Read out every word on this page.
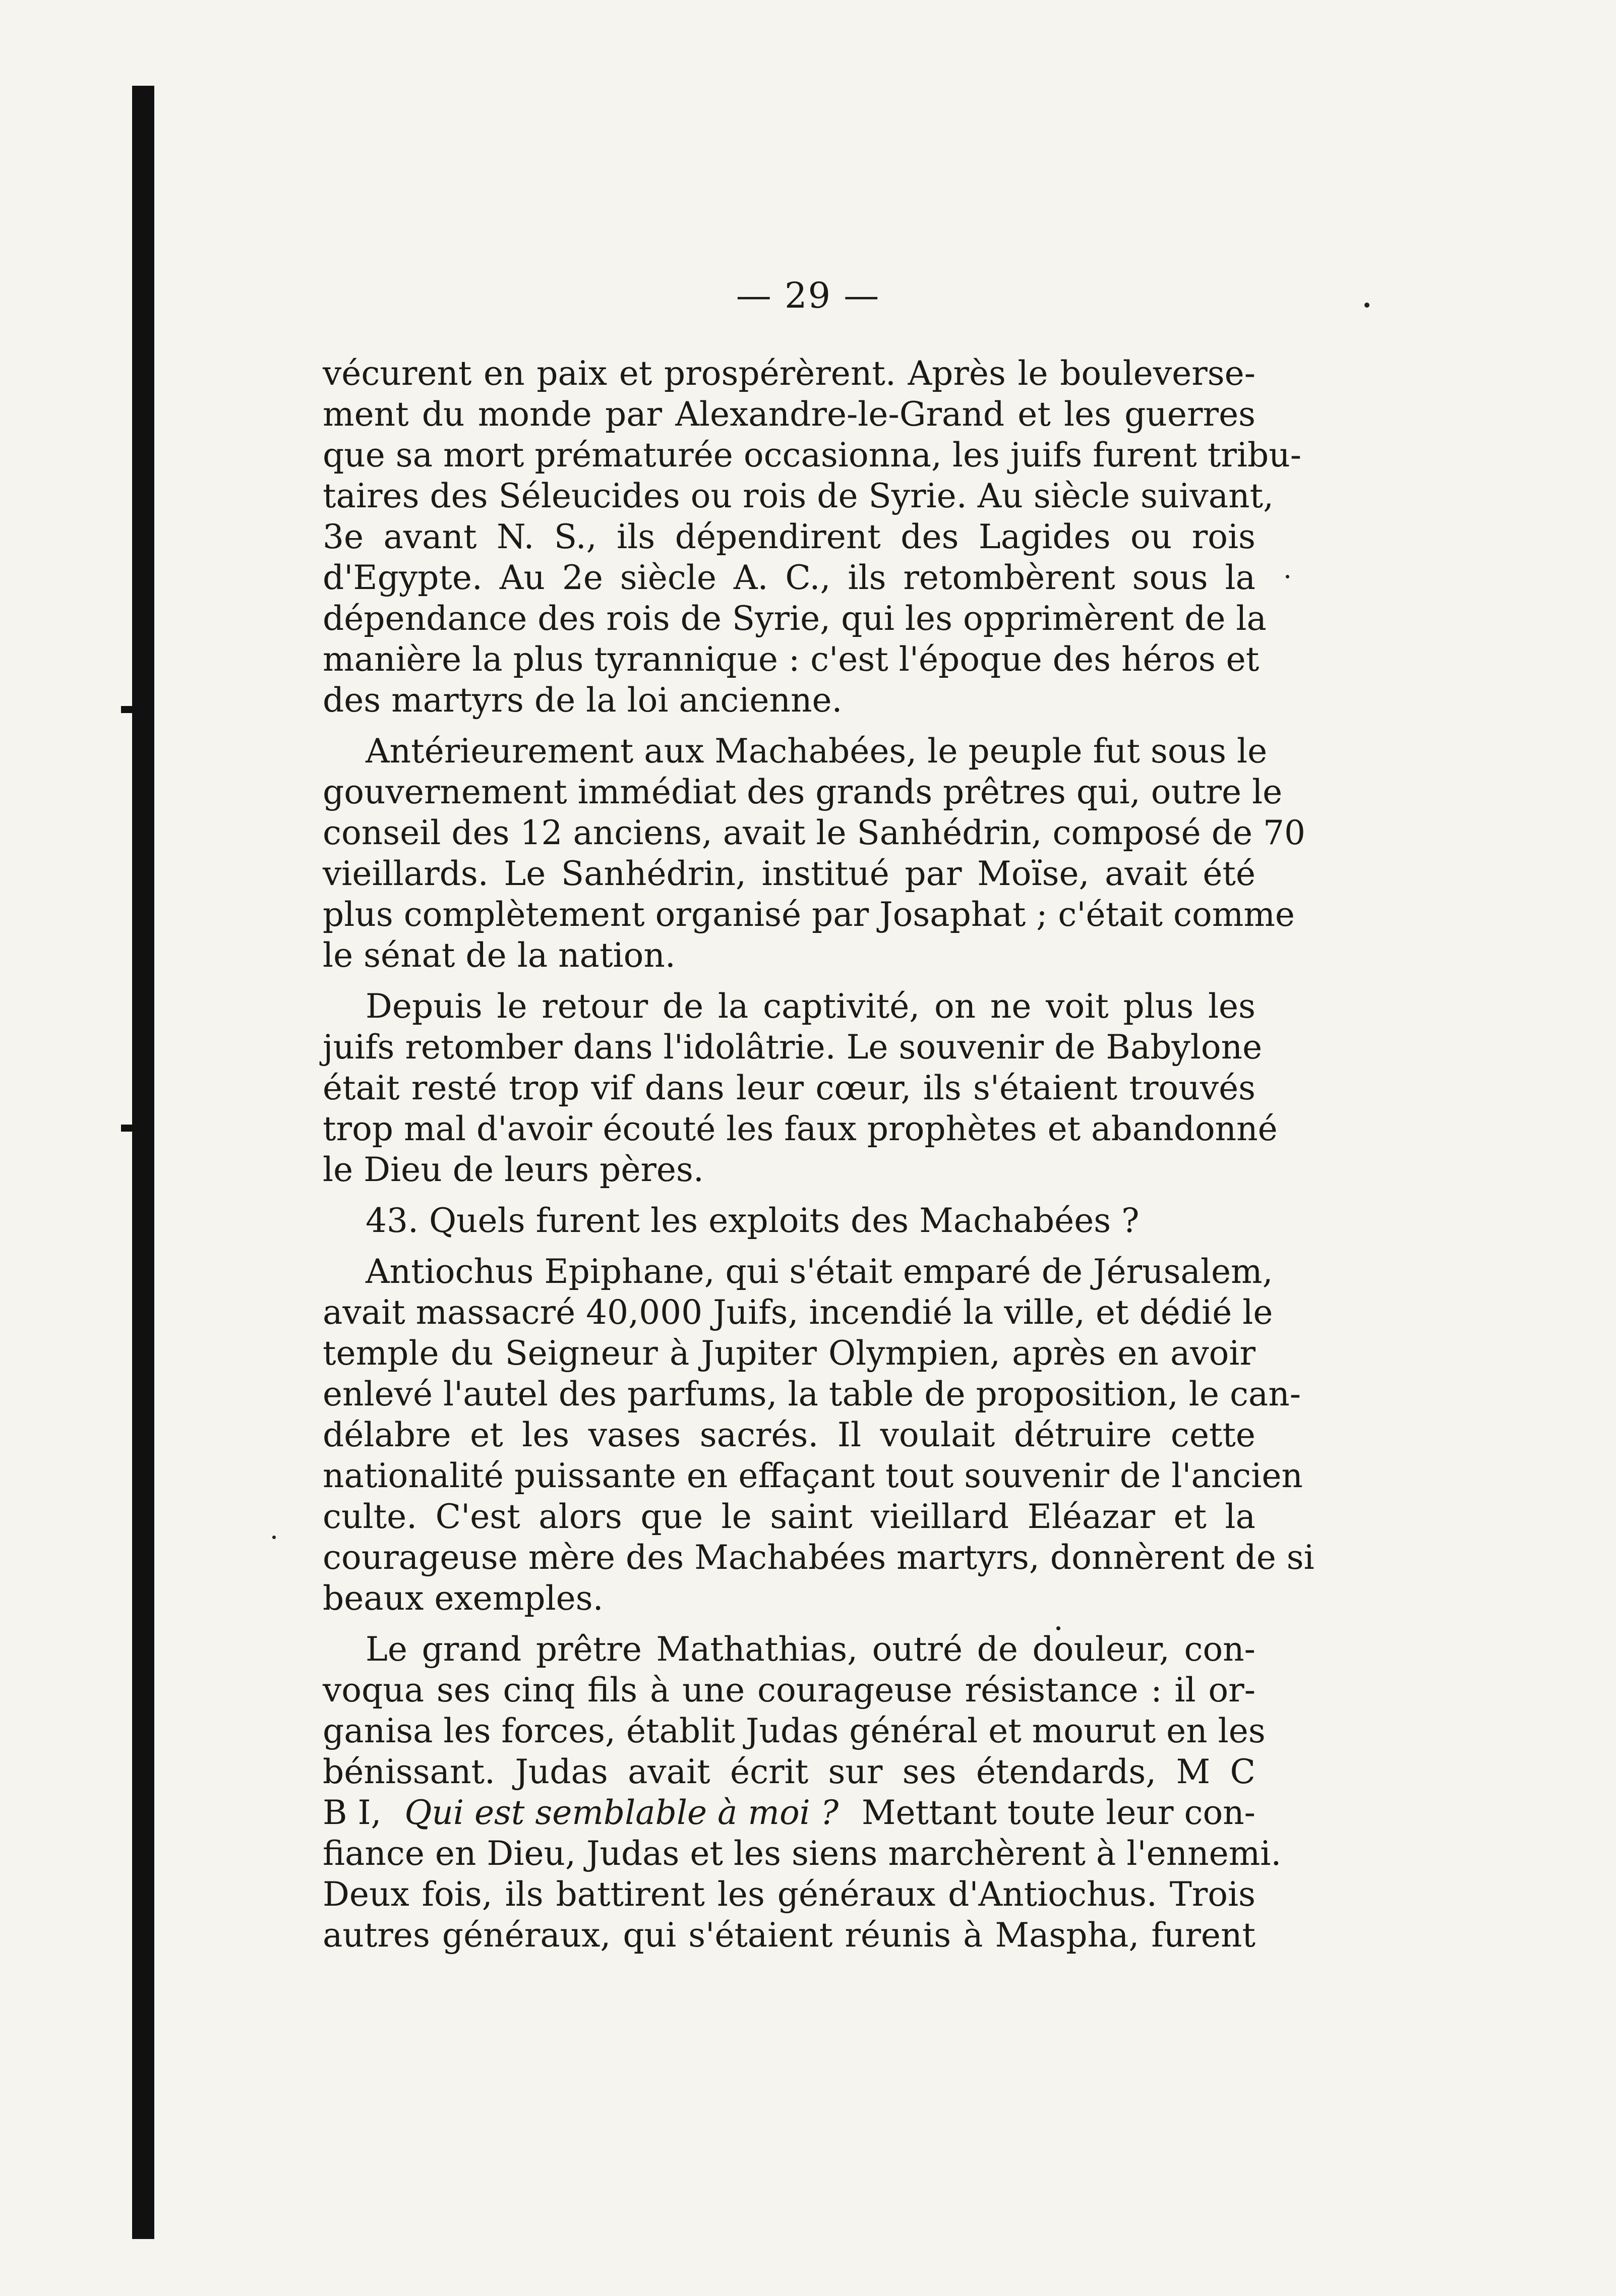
— 29 —
vécurent en paix et prospérèrent. Après le bouleverse-
ment du monde par Alexandre-le-Grand et les guerres
que sa mort prématurée occasionna, les juifs furent tribu-
taires des Séleucides ou rois de Syrie. Au siècle suivant,
3e avant N. S., ils dépendirent des Lagides ou rois
d'Egypte. Au 2e siècle A. C., ils retombèrent sous la
dépendance des rois de Syrie, qui les opprimèrent de la
manière la plus tyrannique : c'est l'époque des héros et
des martyrs de la loi ancienne.
Antérieurement aux Machabées, le peuple fut sous le
gouvernement immédiat des grands prêtres qui, outre le
conseil des 12 anciens, avait le Sanhédrin, composé de 70
vieillards. Le Sanhédrin, institué par Moïse, avait été
plus complètement organisé par Josaphat ; c'était comme
le sénat de la nation.
Depuis le retour de la captivité, on ne voit plus les
juifs retomber dans l'idolâtrie. Le souvenir de Babylone
était resté trop vif dans leur cœur, ils s'étaient trouvés
trop mal d'avoir écouté les faux prophètes et abandonné
le Dieu de leurs pères.
43. Quels furent les exploits des Machabées ?
Antiochus Epiphane, qui s'était emparé de Jérusalem,
avait massacré 40,000 Juifs, incendié la ville, et dédié le
temple du Seigneur à Jupiter Olympien, après en avoir
enlevé l'autel des parfums, la table de proposition, le can-
délabre et les vases sacrés. Il voulait détruire cette
nationalité puissante en effaçant tout souvenir de l'ancien
culte. C'est alors que le saint vieillard Eléazar et la
courageuse mère des Machabées martyrs, donnèrent de si
beaux exemples.
Le grand prêtre Mathathias, outré de douleur, con-
voqua ses cinq fils à une courageuse résistance : il or-
ganisa les forces, établit Judas général et mourut en les
bénissant. Judas avait écrit sur ses étendards, M C
B I, Qui est semblable à moi ? Mettant toute leur con-
fiance en Dieu, Judas et les siens marchèrent à l'ennemi.
Deux fois, ils battirent les généraux d'Antiochus. Trois
autres généraux, qui s'étaient réunis à Maspha, furent
